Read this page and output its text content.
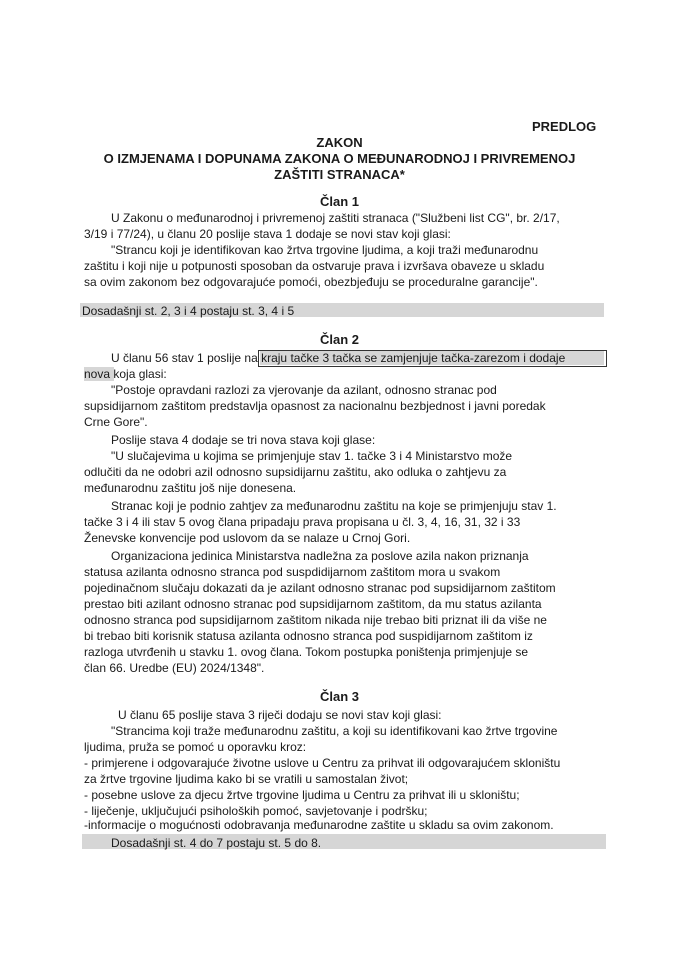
PREDLOG
ZAKON
O IZMJENAMA I DOPUNAMA ZAKONA O MEĐUNARODNOJ I PRIVREMENOJ
ZAŠTITI STRANACA*
Član 1
U Zakonu o međunarodnoj i privremenoj zaštiti stranaca ("Službeni list CG", br. 2/17,
3/19 i 77/24), u članu 20 poslije stava 1 dodaje se novi stav koji glasi:
"Strancu koji je identifikovan kao žrtva trgovine ljudima, a koji traži međunarodnu
zaštitu i koji nije u potpunosti sposoban da ostvaruje prava i izvršava obaveze u skladu
sa ovim zakonom bez odgovarajuće pomoći, obezbjeđuju se proceduralne garancije".
Dosadašnji st. 2, 3 i 4 postaju st. 3, 4 i 5
Član 2
U članu 56 stav 1 poslije na kraju tačke 3 tačka se zamjenjuje tačka-zarezom i dodaje
nova koja glasi:
"Postoje opravdani razlozi za vjerovanje da azilant, odnosno stranac pod
supsidijarnom zaštitom predstavlja opasnost za nacionalnu bezbjednost i javni poredak
Crne Gore".
Poslije stava 4 dodaje se tri nova stava koji glase:
"U slučajevima u kojima se primjenjuje stav 1. tačke 3 i 4 Ministarstvo može
odlučiti da ne odobri azil odnosno supsidijarnu zaštitu, ako odluka o zahtjevu za
međunarodnu zaštitu još nije donesena.
Stranac koji je podnio zahtjev za međunarodnu zaštitu na koje se primjenjuju stav 1.
tačke 3 i 4 ili stav 5 ovog člana pripadaju prava propisana u čl. 3, 4, 16, 31, 32 i 33
Ženevske konvencije pod uslovom da se nalaze u Crnoj Gori.
Organizaciona jedinica Ministarstva nadležna za poslove azila nakon priznanja
statusa azilanta odnosno stranca pod suspdidijarnom zaštitom mora u svakom
pojedinačnom slučaju dokazati da je azilant odnosno stranac pod supsidijarnom zaštitom
prestao biti azilant odnosno stranac pod supsidijarnom zaštitom, da mu status azilanta
odnosno stranca pod supsidijarnom zaštitom nikada nije trebao biti priznat ili da više ne
bi trebao biti korisnik statusa azilanta odnosno stranca pod suspidijarnom zaštitom iz
razloga utvrđenih u stavku 1. ovog člana. Tokom postupka poništenja primjenjuje se
član 66. Uredbe (EU) 2024/1348".
Član 3
U članu 65 poslije stava 3 riječi dodaju se novi stav koji glasi:
"Strancima koji traže međunarodnu zaštitu, a koji su identifikovani kao žrtve trgovine
ljudima, pruža se pomoć u oporavku kroz:
- primjerene i odgovarajuće životne uslove u Centru za prihvat ili odgovarajućem skloništu
za žrtve trgovine ljudima kako bi se vratili u samostalan život;
- posebne uslove za djecu žrtve trgovine ljudima u Centru za prihvat ili u skloništu;
- liječenje, uključujući psiholoških pomoć, savjetovanje i podršku;
-informacije o mogućnosti odobravanja međunarodne zaštite u skladu sa ovim zakonom.
Dosadašnji st. 4 do 7 postaju st. 5 do 8.
